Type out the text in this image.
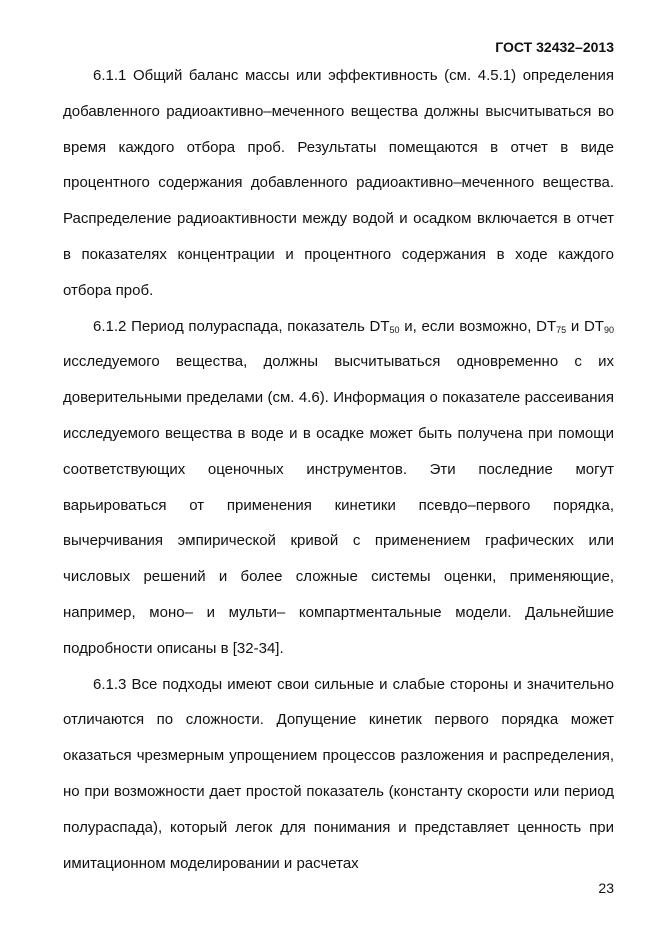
ГОСТ 32432–2013

6.1.1 Общий баланс массы или эффективность (см. 4.5.1) определения добавленного радиоактивно–меченного вещества должны высчитываться во время каждого отбора проб. Результаты помещаются в отчет в виде процентного содержания добавленного радиоактивно–меченного вещества. Распределение радиоактивности между водой и осадком включается в отчет в показателях концентрации и процентного содержания в ходе каждого отбора проб.

6.1.2 Период полураспада, показатель $DT_{50}$ и, если возможно, $DT_{75}$ и $DT_{90}$ исследуемого вещества, должны высчитываться одновременно с их доверительными пределами (см. 4.6). Информация о показателе рассеивания исследуемого вещества в воде и в осадке может быть получена при помощи соответствующих оценочных инструментов. Эти последние могут варьироваться от применения кинетики псевдо–первого порядка, вычерчивания эмпирической кривой с применением графических или числовых решений и более сложные системы оценки, применяющие, например, моно– и мульти– компартментальные модели. Дальнейшие подробности описаны в [32-34].

6.1.3 Все подходы имеют свои сильные и слабые стороны и значительно отличаются по сложности. Допущение кинетик первого порядка может оказаться чрезмерным упрощением процессов разложения и распределения, но при возможности дает простой показатель (константу скорости или период полураспада), который легок для понимания и представляет ценность при имитационном моделировании и расчетах

23
